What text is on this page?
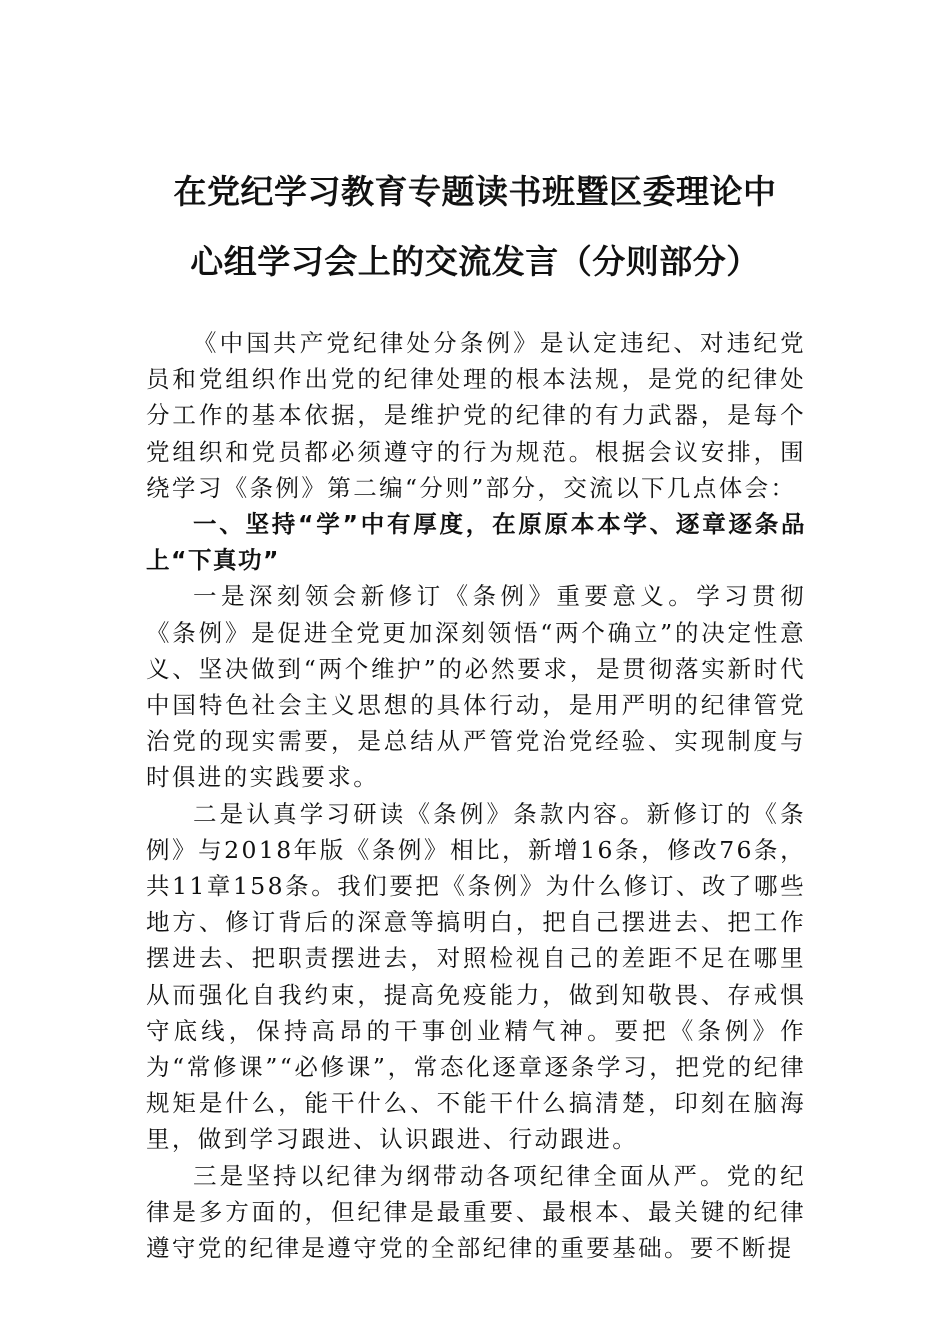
在党纪学习教育专题读书班暨区委理论中
心组学习会上的交流发言（分则部分）

《中国共产党纪律处分条例》是认定违纪、对违纪党员和党组织作出党的纪律处理的根本法规，是党的纪律处分工作的基本依据，是维护党的纪律的有力武器，是每个党组织和党员都必须遵守的行为规范。根据会议安排，围绕学习《条例》第二编“分则”部分，交流以下几点体会：

一、坚持“学”中有厚度，在原原本本学、逐章逐条品上“下真功”

一是深刻领会新修订《条例》重要意义。学习贯彻《条例》是促进全党更加深刻领悟“两个确立”的决定性意义、坚决做到“两个维护”的必然要求，是贯彻落实新时代中国特色社会主义思想的具体行动，是用严明的纪律管党治党的现实需要，是总结从严管党治党经验、实现制度与时俱进的实践要求。

二是认真学习研读《条例》条款内容。新修订的《条例》与2018年版《条例》相比，新增16条，修改76条，共11章158条。我们要把《条例》为什么修订、改了哪些地方、修订背后的深意等搞明白，把自己摆进去、把工作摆进去、把职责摆进去，对照检视自己的差距不足在哪里从而强化自我约束，提高免疫能力，做到知敬畏、存戒惧守底线，保持高昂的干事创业精气神。要把《条例》作为“常修课”“必修课”，常态化逐章逐条学习，把党的纪律规矩是什么，能干什么、不能干什么搞清楚，印刻在脑海里，做到学习跟进、认识跟进、行动跟进。

三是坚持以纪律为纲带动各项纪律全面从严。党的纪律是多方面的，但纪律是最重要、最根本、最关键的纪律遵守党的纪律是遵守党的全部纪律的重要基础。要不断提
